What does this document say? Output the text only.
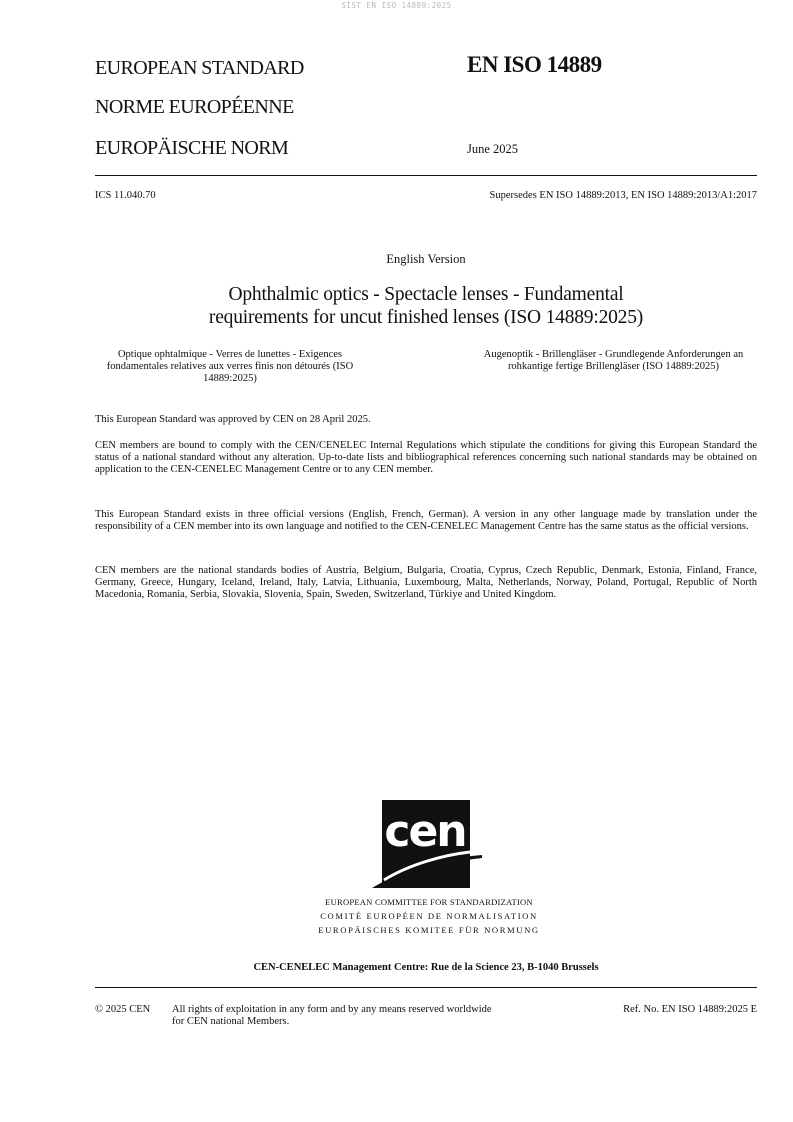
SIST EN ISO 14889:2025
EUROPEAN STANDARD
NORME EUROPÉENNE
EUROPÄISCHE NORM
EN ISO 14889
June 2025
ICS 11.040.70	Supersedes EN ISO 14889:2013, EN ISO 14889:2013/A1:2017
English Version
Ophthalmic optics - Spectacle lenses - Fundamental
requirements for uncut finished lenses (ISO 14889:2025)
Optique ophtalmique - Verres de lunettes - Exigences fondamentales relatives aux verres finis non détourés (ISO 14889:2025)
Augenoptik - Brillengläser - Grundlegende Anforderungen an rohkantige fertige Brillengläser (ISO 14889:2025)
This European Standard was approved by CEN on 28 April 2025.
CEN members are bound to comply with the CEN/CENELEC Internal Regulations which stipulate the conditions for giving this European Standard the status of a national standard without any alteration. Up-to-date lists and bibliographical references concerning such national standards may be obtained on application to the CEN-CENELEC Management Centre or to any CEN member.
This European Standard exists in three official versions (English, French, German). A version in any other language made by translation under the responsibility of a CEN member into its own language and notified to the CEN-CENELEC Management Centre has the same status as the official versions.
CEN members are the national standards bodies of Austria, Belgium, Bulgaria, Croatia, Cyprus, Czech Republic, Denmark, Estonia, Finland, France, Germany, Greece, Hungary, Iceland, Ireland, Italy, Latvia, Lithuania, Luxembourg, Malta, Netherlands, Norway, Poland, Portugal, Republic of North Macedonia, Romania, Serbia, Slovakia, Slovenia, Spain, Sweden, Switzerland, Türkiye and United Kingdom.
cen
EUROPEAN COMMITTEE FOR STANDARDIZATION
COMITÉ EUROPÉEN DE NORMALISATION
EUROPÄISCHES KOMITEE FÜR NORMUNG
CEN-CENELEC Management Centre: Rue de la Science 23, B-1040 Brussels
© 2025 CEN All rights of exploitation in any form and by any means reserved worldwide for CEN national Members.
Ref. No. EN ISO 14889:2025 E
